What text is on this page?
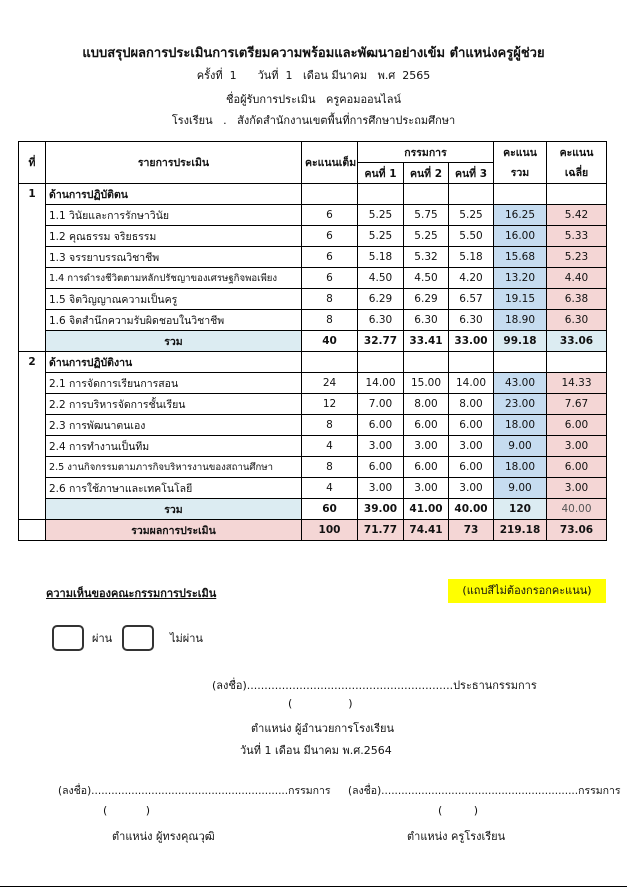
แบบสรุปผลการประเมินการเตรียมความพร้อมและพัฒนาอย่างเข้ม ตำแหน่งครูผู้ช่วย
ครั้งที่  1      วันที่  1   เดือน มีนาคม   พ.ศ  2565
ชื่อผู้รับการประเมิน   ครูคอมออนไลน์
โรงเรียน   .   สังกัดสำนักงานเขตพื้นที่การศึกษาประถมศึกษา
ที่	รายการประเมิน	คะแนนเต็ม	กรรมการ			คะแนน	คะแนน
			คนที่ 1	คนที่ 2	คนที่ 3	รวม	เฉลี่ย
1	ด้านการปฏิบัติตน						
	1.1 วินัยและการรักษาวินัย	6	5.25	5.75	5.25	16.25	5.42
	1.2 คุณธรรม จริยธรรม	6	5.25	5.25	5.50	16.00	5.33
	1.3 จรรยาบรรณวิชาชีพ	6	5.18	5.32	5.18	15.68	5.23
	1.4 การดำรงชีวิตตามหลักปรัชญาของเศรษฐกิจพอเพียง	6	4.50	4.50	4.20	13.20	4.40
	1.5 จิตวิญญาณความเป็นครู	8	6.29	6.29	6.57	19.15	6.38
	1.6 จิตสำนึกความรับผิดชอบในวิชาชีพ	8	6.30	6.30	6.30	18.90	6.30
	รวม	40	32.77	33.41	33.00	99.18	33.06
2	ด้านการปฏิบัติงาน						
	2.1 การจัดการเรียนการสอน	24	14.00	15.00	14.00	43.00	14.33
	2.2 การบริหารจัดการชั้นเรียน	12	7.00	8.00	8.00	23.00	7.67
	2.3 การพัฒนาตนเอง	8	6.00	6.00	6.00	18.00	6.00
	2.4 การทำงานเป็นทีม	4	3.00	3.00	3.00	9.00	3.00
	2.5 งานกิจกรรมตามภารกิจบริหารงานของสถานศึกษา	8	6.00	6.00	6.00	18.00	6.00
	2.6 การใช้ภาษาและเทคโนโลยี	4	3.00	3.00	3.00	9.00	3.00
	รวม	60	39.00	41.00	40.00	120	40.00
	รวมผลการประเมิน	100	71.77	74.41	73	219.18	73.06
ความเห็นของคณะกรรมการประเมิน	(แถบสีไม่ต้องกรอกคะแนน)
ผ่าน	ไม่ผ่าน
(ลงชื่อ)...........................................................ประธานกรรมการ
(                )
ตำแหน่ง ผู้อำนวยการโรงเรียน
วันที่ 1 เดือน มีนาคม พ.ศ.2564
(ลงชื่อ)...........................................................กรรมการ
(           )
ตำแหน่ง ผู้ทรงคุณวุฒิ
(ลงชื่อ)...........................................................กรรมการ
(         )
ตำแหน่ง ครูโรงเรียน
